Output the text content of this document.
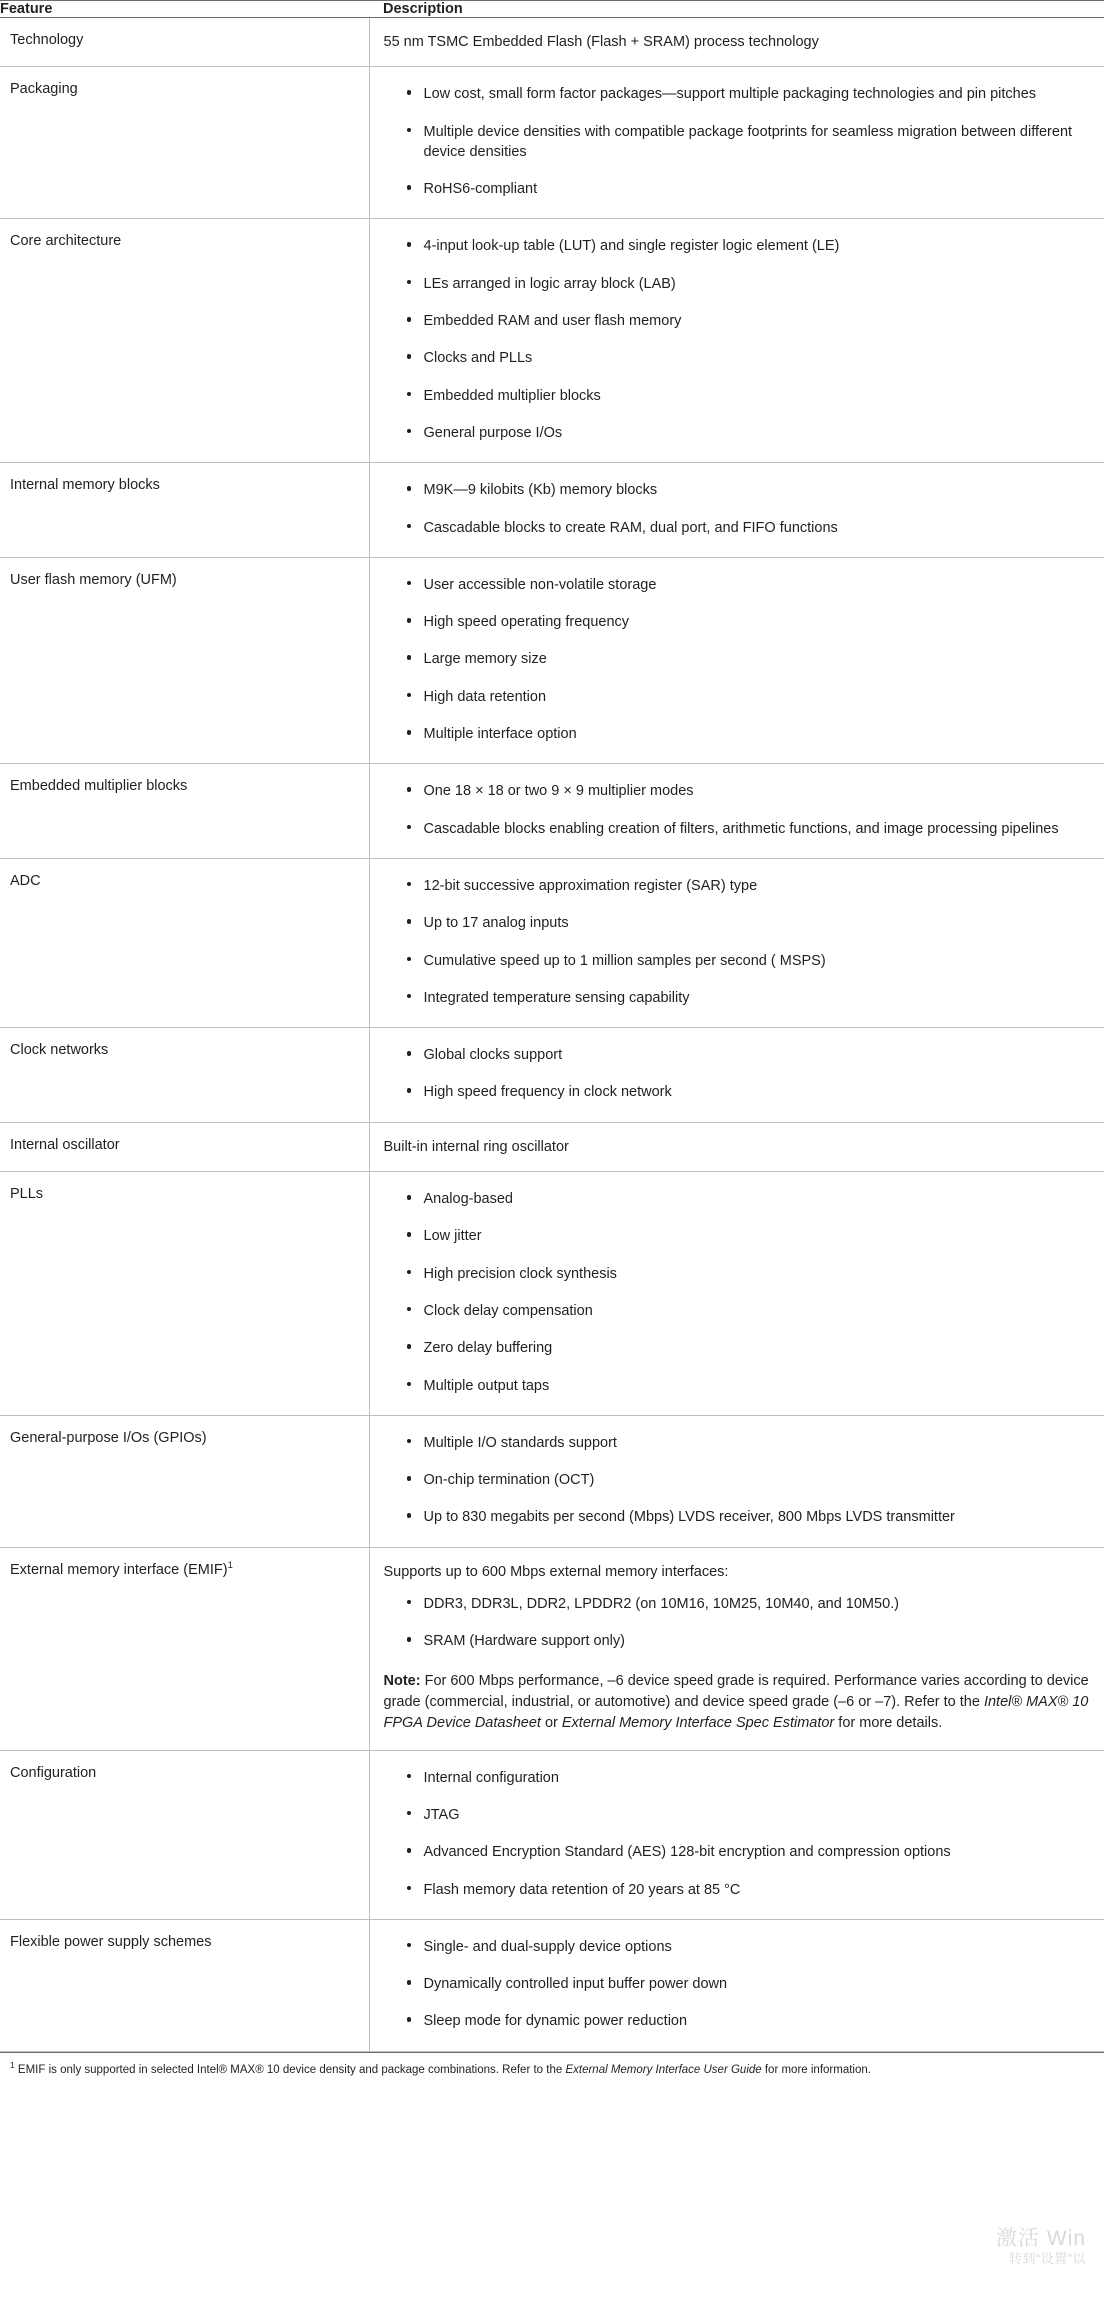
Feature	Description
Technology	55 nm TSMC Embedded Flash (Flash + SRAM) process technology

Packaging	Low cost, small form factor packages—support multiple packaging technologies and pin pitches
Multiple device densities with compatible package footprints for seamless migration between different device densities
RoHS6-compliant

Core architecture	4-input look-up table (LUT) and single register logic element (LE)
LEs arranged in logic array block (LAB)
Embedded RAM and user flash memory
Clocks and PLLs
Embedded multiplier blocks
General purpose I/Os

Internal memory blocks	M9K—9 kilobits (Kb) memory blocks
Cascadable blocks to create RAM, dual port, and FIFO functions

User flash memory (UFM)	User accessible non-volatile storage
High speed operating frequency
Large memory size
High data retention
Multiple interface option

Embedded multiplier blocks	One 18 × 18 or two 9 × 9 multiplier modes
Cascadable blocks enabling creation of filters, arithmetic functions, and image processing pipelines

ADC	12-bit successive approximation register (SAR) type
Up to 17 analog inputs
Cumulative speed up to 1 million samples per second ( MSPS)
Integrated temperature sensing capability

Clock networks	Global clocks support
High speed frequency in clock network

Internal oscillator	Built-in internal ring oscillator

PLLs	Analog-based
Low jitter
High precision clock synthesis
Clock delay compensation
Zero delay buffering
Multiple output taps

General-purpose I/Os (GPIOs)	Multiple I/O standards support
On-chip termination (OCT)
Up to 830 megabits per second (Mbps) LVDS receiver, 800 Mbps LVDS transmitter

External memory interface (EMIF)$^1$	Supports up to 600 Mbps external memory interfaces:

DDR3, DDR3L, DDR2, LPDDR2 (on 10M16, 10M25, 10M40, and 10M50.)
SRAM (Hardware support only)
Note: For 600 Mbps performance, –6 device speed grade is required. Performance varies according to device grade (commercial, industrial, or automotive) and device speed grade (–6 or –7). Refer to the Intel® MAX® 10 FPGA Device Datasheet or External Memory Interface Spec Estimator for more details.

Configuration	Internal configuration
JTAG
Advanced Encryption Standard (AES) 128-bit encryption and compression options
Flash memory data retention of 20 years at 85 °C

Flexible power supply schemes	Single- and dual-supply device options
Dynamically controlled input buffer power down
Sleep mode for dynamic power reduction
$^1$ EMIF is only supported in selected Intel® MAX® 10 device density and package combinations. Refer to the External Memory Interface User Guide for more information.
激活 Win
转到“设置”以
